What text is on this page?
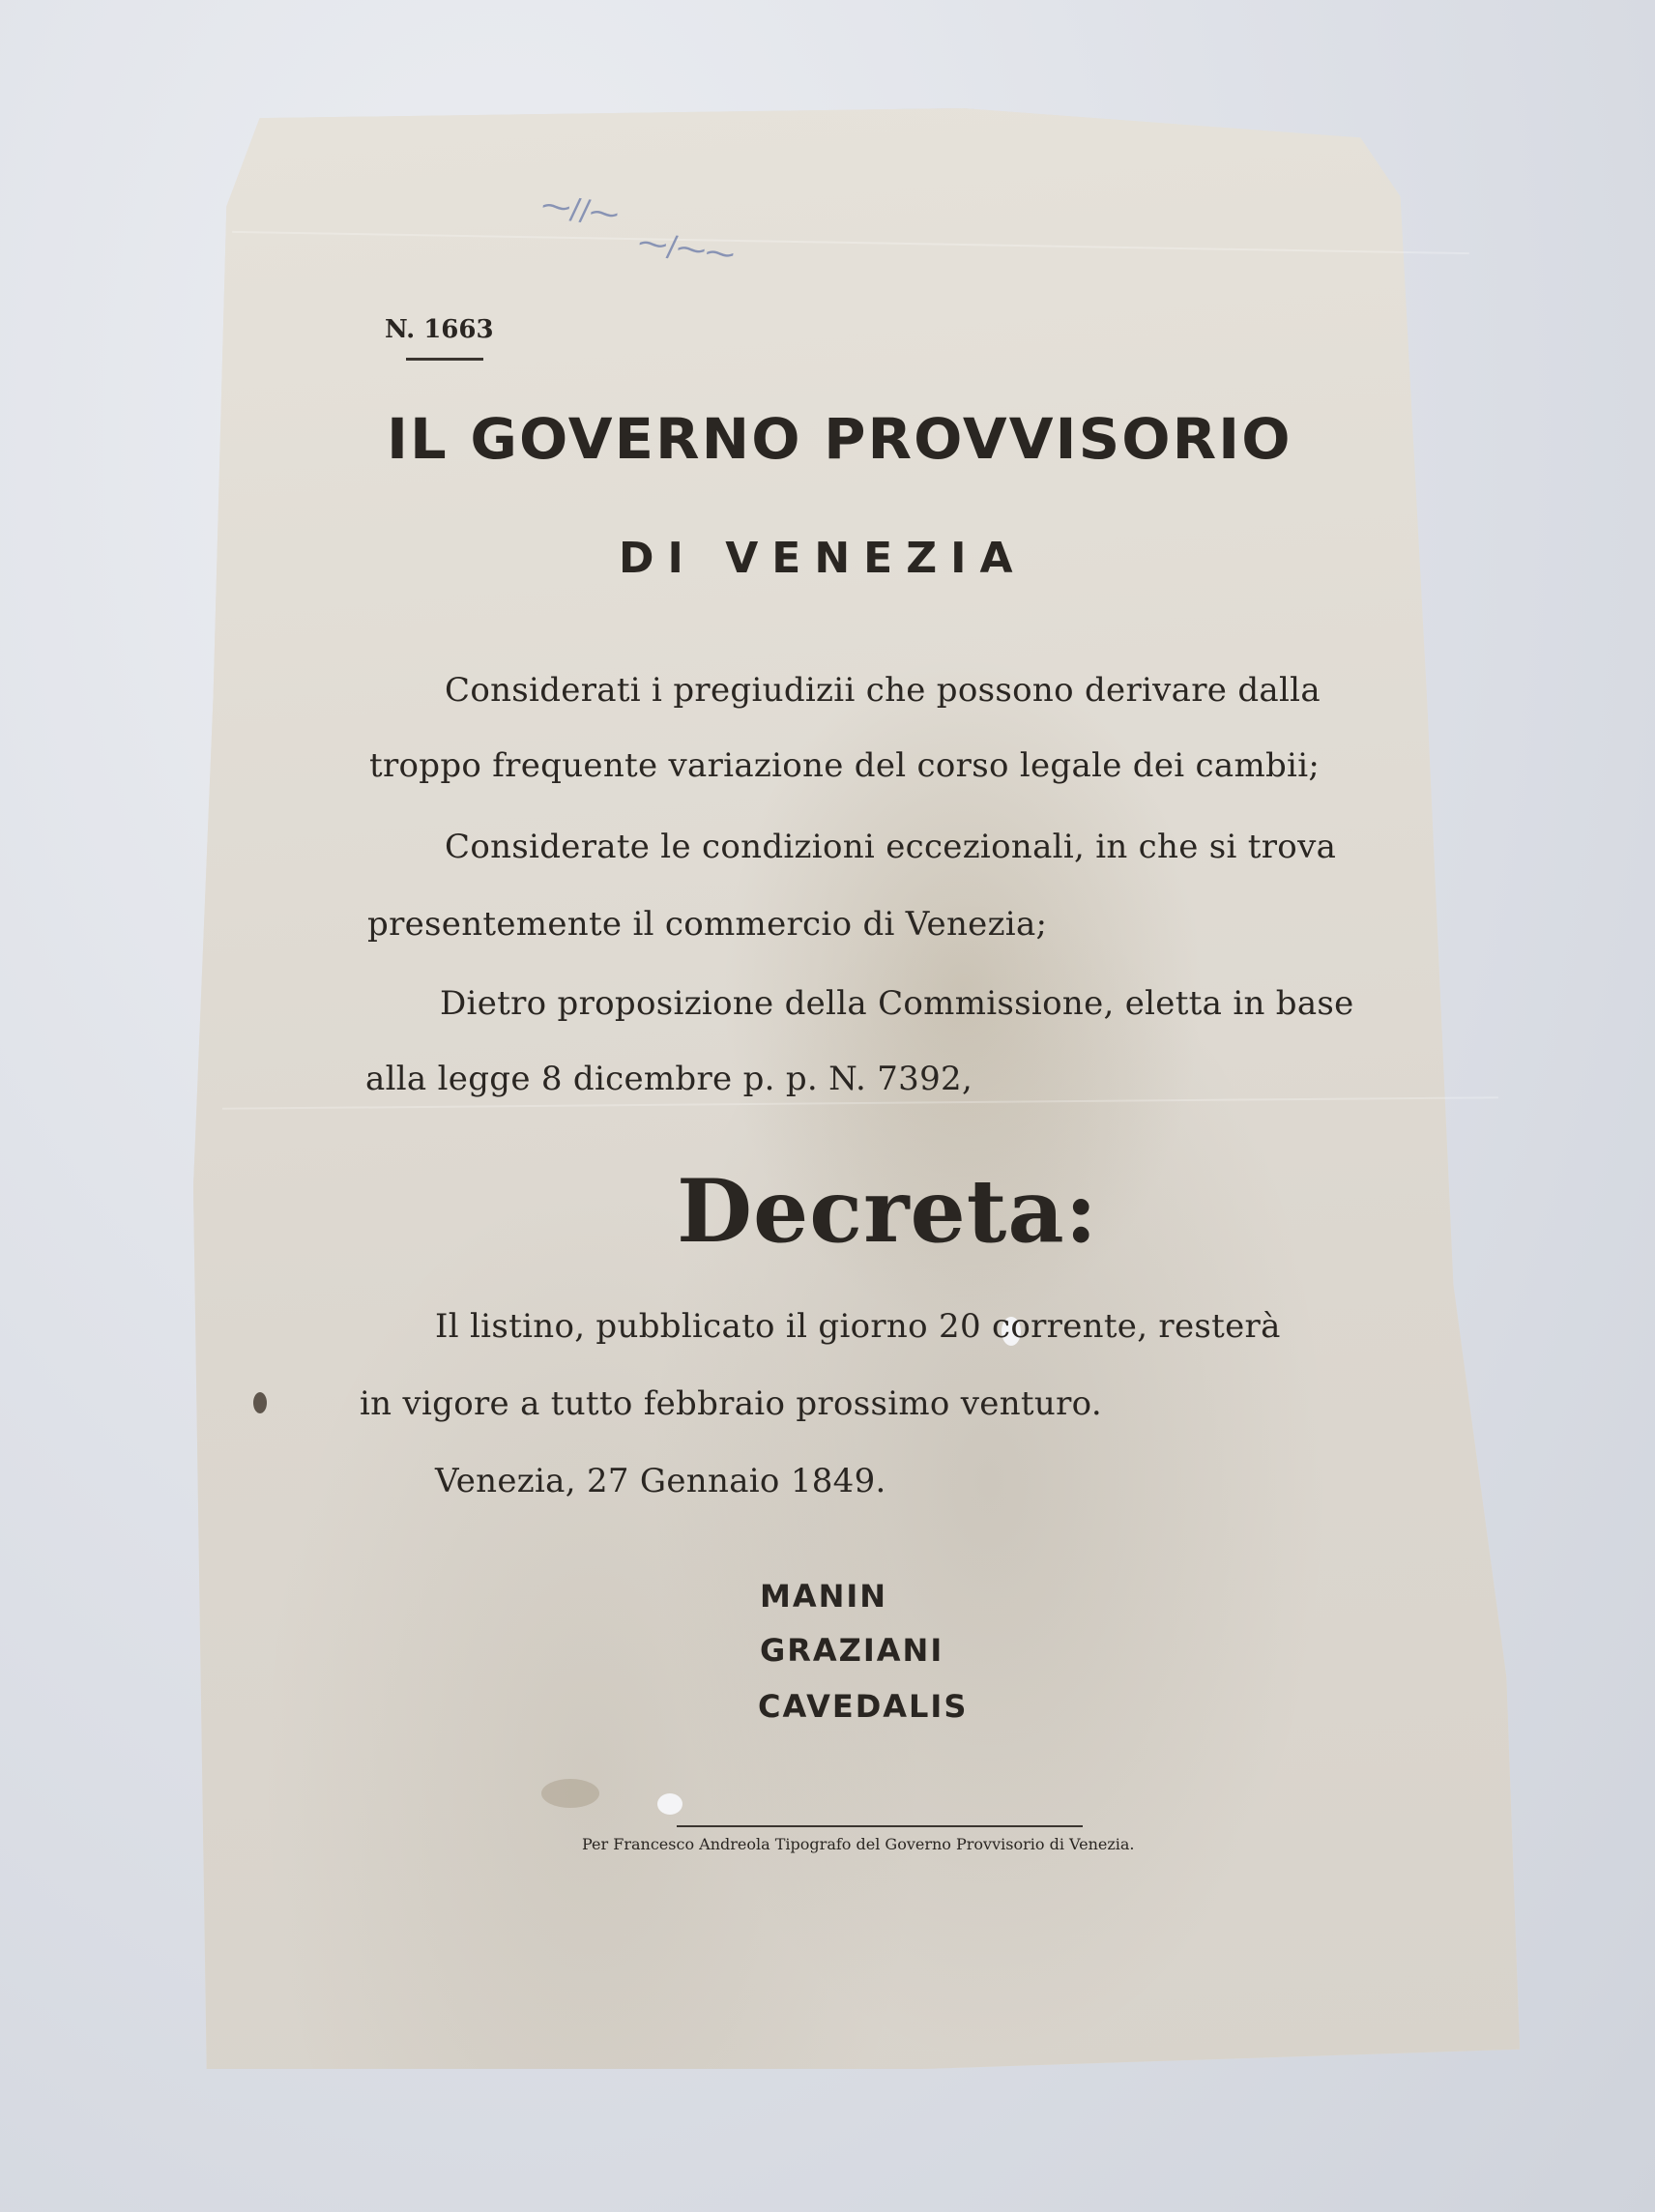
⁓∕∕⁓
⁓∕⁓⁓

N. 1663

IL GOVERNO PROVVISORIO
DI VENEZIA

Considerati i pregiudizii che possono derivare dalla

troppo frequente variazione del corso legale dei cambii;

Considerate le condizioni eccezionali, in che si trova

presentemente il commercio di Venezia;

Dietro proposizione della Commissione, eletta in base

alla legge 8 dicembre p. p. N. 7392,

Decreta:

Il listino, pubblicato il giorno 20 corrente, resterà

in vigore a tutto febbraio prossimo venturo.

Venezia, 27 Gennaio 1849.

MANIN

GRAZIANI

CAVEDALIS

Per Francesco Andreola Tipografo del Governo Provvisorio di Venezia.
